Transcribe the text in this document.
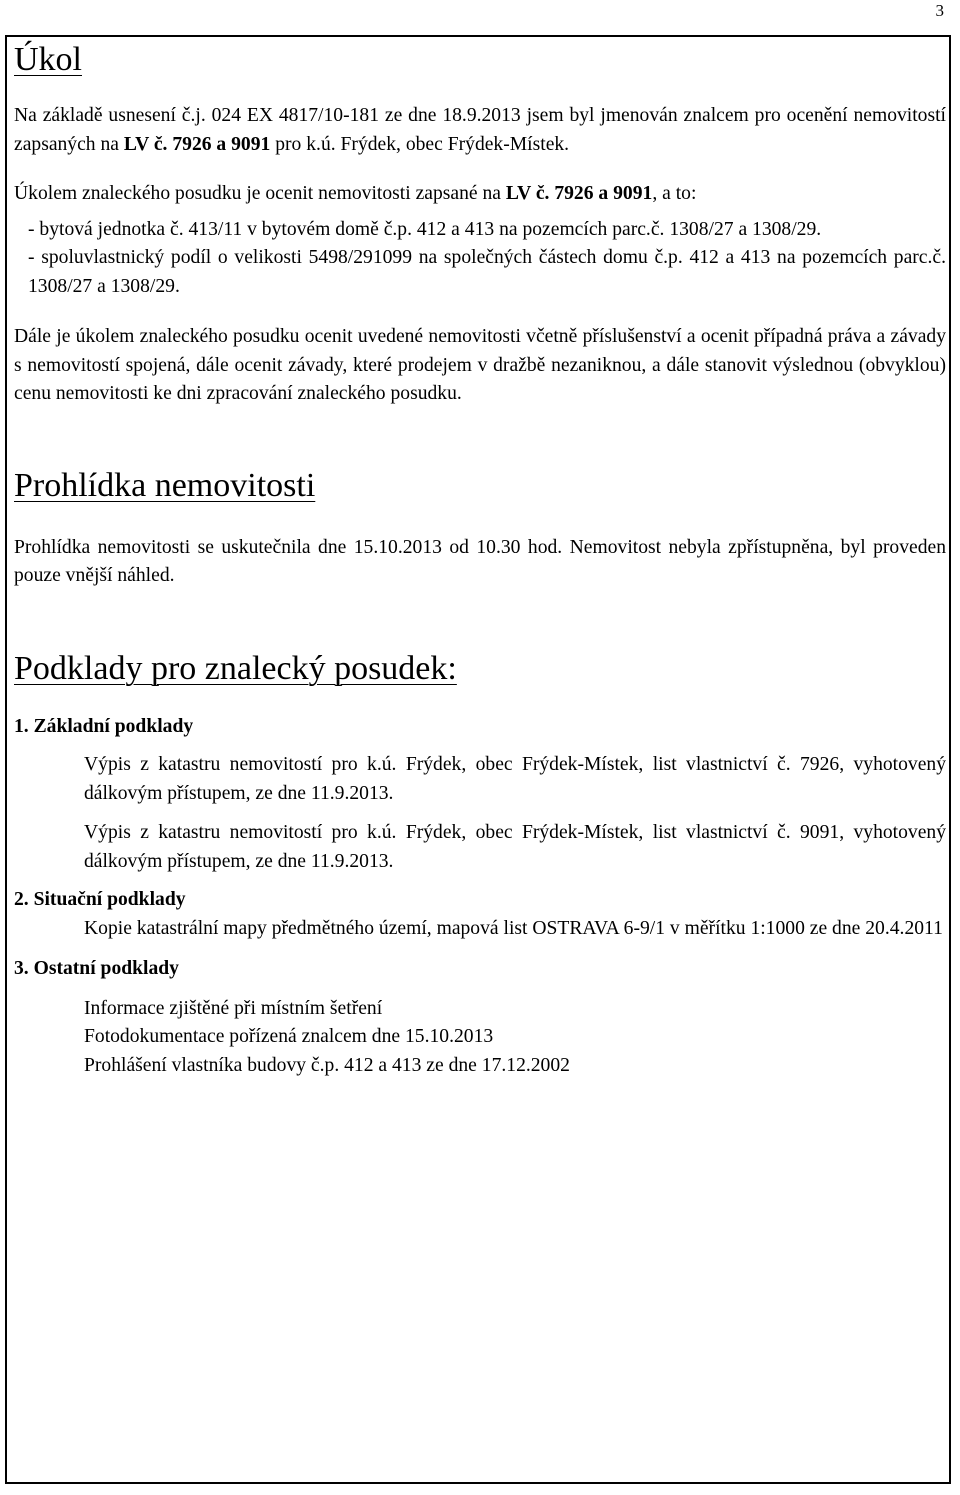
3
Úkol

Na základě usnesení č.j. 024 EX 4817/10-181 ze dne 18.9.2013 jsem byl jmenován znalcem pro ocenění nemovitostí zapsaných na LV č. 7926 a 9091 pro k.ú. Frýdek, obec Frýdek-Místek.

Úkolem znaleckého posudku je ocenit nemovitosti zapsané na LV č. 7926 a 9091, a to:

- bytová jednotka č. 413/11 v bytovém domě č.p. 412 a 413 na pozemcích parc.č. 1308/27 a 1308/29.

- spoluvlastnický podíl o velikosti 5498/291099 na společných částech domu č.p. 412 a 413 na pozemcích parc.č. 1308/27 a 1308/29.

Dále je úkolem znaleckého posudku ocenit uvedené nemovitosti včetně příslušenství a ocenit případná práva a závady s nemovitostí spojená, dále ocenit závady, které prodejem v dražbě nezaniknou, a dále stanovit výslednou (obvyklou) cenu nemovitosti ke dni zpracování znaleckého posudku.

Prohlídka nemovitosti

Prohlídka nemovitosti se uskutečnila dne 15.10.2013 od 10.30 hod. Nemovitost nebyla zpřístupněna, byl proveden pouze vnější náhled.

Podklady pro znalecký posudek:

1. Základní podklady

Výpis z katastru nemovitostí pro k.ú. Frýdek, obec Frýdek-Místek, list vlastnictví č. 7926, vyhotovený dálkovým přístupem, ze dne 11.9.2013.

Výpis z katastru nemovitostí pro k.ú. Frýdek, obec Frýdek-Místek, list vlastnictví č. 9091, vyhotovený dálkovým přístupem, ze dne 11.9.2013.

2. Situační podklady

Kopie katastrální mapy předmětného území, mapová list OSTRAVA 6-9/1 v měřítku 1:1000 ze dne 20.4.2011

3. Ostatní podklady

Informace zjištěné při místním šetření

Fotodokumentace pořízená znalcem dne 15.10.2013

Prohlášení vlastníka budovy č.p. 412 a 413 ze dne 17.12.2002
